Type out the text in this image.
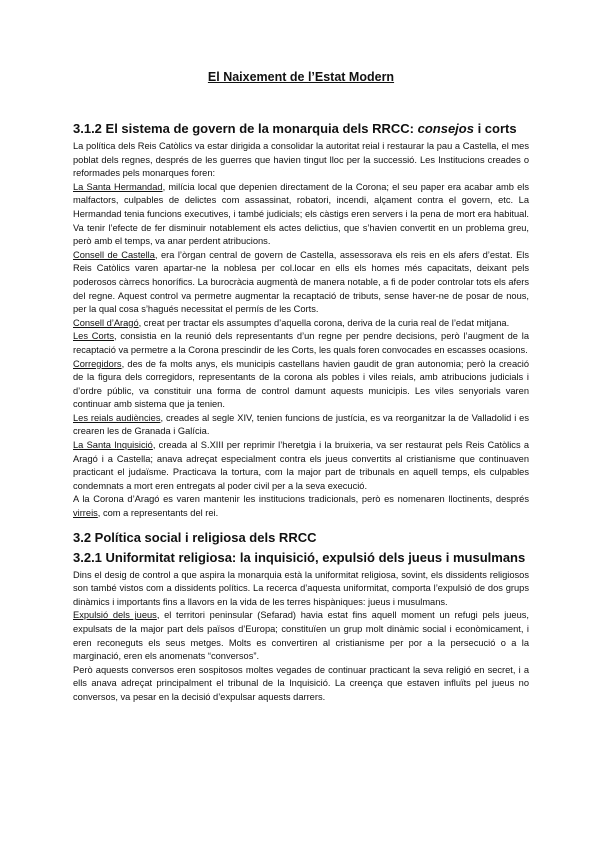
El Naixement de l’Estat Modern
3.1.2 El sistema de govern de la monarquia dels RRCC: consejos i corts

La política dels Reis Catòlics va estar dirigida a consolidar la autoritat reial i restaurar la pau a Castella, el mes poblat dels regnes, després de les guerres que havien tingut lloc per la successió. Les Institucions creades o reformades pels monarques foren:

La Santa Hermandad, milícia local que depenien directament de la Corona; el seu paper era acabar amb els malfactors, culpables de delictes com assassinat, robatori, incendi, alçament contra el govern, etc. La Hermandad tenia funcions executives, i també judicials; els càstigs eren servers i la pena de mort era habitual. Va tenir l’efecte de fer disminuir notablement els actes delictius, que s’havien convertit en un problema greu, però amb el temps, va anar perdent atribucions.

Consell de Castella, era l’òrgan central de govern de Castella, assessorava els reis en els afers d’estat. Els Reis Catòlics varen apartar-ne la noblesa per col.locar en ells els homes més capacitats, deixant pels poderosos càrrecs honorífics. La burocràcia augmentà de manera notable, a fi de poder controlar tots els afers del regne. Aquest control va permetre augmentar la recaptació de tributs, sense haver-ne de posar de nous, per la qual cosa s’hagués necessitat el permís de les Corts.

Consell d’Aragó, creat per tractar els assumptes d’aquella corona, deriva de la curia real de l’edat mitjana.

Les Corts, consistia en la reunió dels representants d’un regne per pendre decisions, però l’augment de la recaptació va permetre a la Corona prescindir de les Corts, les quals foren convocades en escasses ocasions.

Corregidors, des de fa molts anys, els municipis castellans havien gaudit de gran autonomia; però la creació de la figura dels corregidors, representants de la corona als pobles i viles reials, amb atribucions judicials i d’ordre públic, va constituir una forma de control damunt aquests municipis. Les viles senyorials varen continuar amb sistema que ja tenien.

Les reials audiències, creades al segle XIV, tenien funcions de justícia, es va reorganitzar la de Valladolid i es crearen les de Granada i Galícia.

La Santa Inquisició, creada al S.XIII per reprimir l’heretgia i la bruixeria, va ser restaurat pels Reis Catòlics a Aragó i a Castella; anava adreçat especialment contra els jueus convertits al cristianisme que continuaven practicant el judaïsme. Practicava la tortura, com la major part de tribunals en aquell temps, els culpables condemnats a mort eren entregats al poder civil per a la seva execució.

A la Corona d’Aragó es varen mantenir les institucions tradicionals, però es nomenaren lloctinents, després virreis, com a representants del rei.

3.2 Política social i religiosa dels RRCC
3.2.1 Uniformitat religiosa: la inquisició, expulsió dels jueus i musulmans

Dins el desig de control a que aspira la monarquia està la uniformitat religiosa, sovint, els dissidents religiosos son també vistos com a dissidents polítics. La recerca d’aquesta uniformitat, comporta l’expulsió de dos grups dinàmics i importants fins a llavors en la vida de les terres hispàniques: jueus i musulmans.

Expulsió dels jueus, el territori peninsular (Sefarad) havia estat fins aquell moment un refugi pels jueus, expulsats de la major part dels països d’Europa; constituïen un grup molt dinàmic social i econòmicament, i eren reconeguts els seus metges. Molts es convertiren al cristianisme per por a la persecució o a la marginació, eren els anomenats “conversos”.

Però aquests conversos eren sospitosos moltes vegades de continuar practicant la seva religió en secret, i a ells anava adreçat principalment el tribunal de la Inquisició. La creença que estaven influïts pel jueus no conversos, va pesar en la decisió d’expulsar aquests darrers.
